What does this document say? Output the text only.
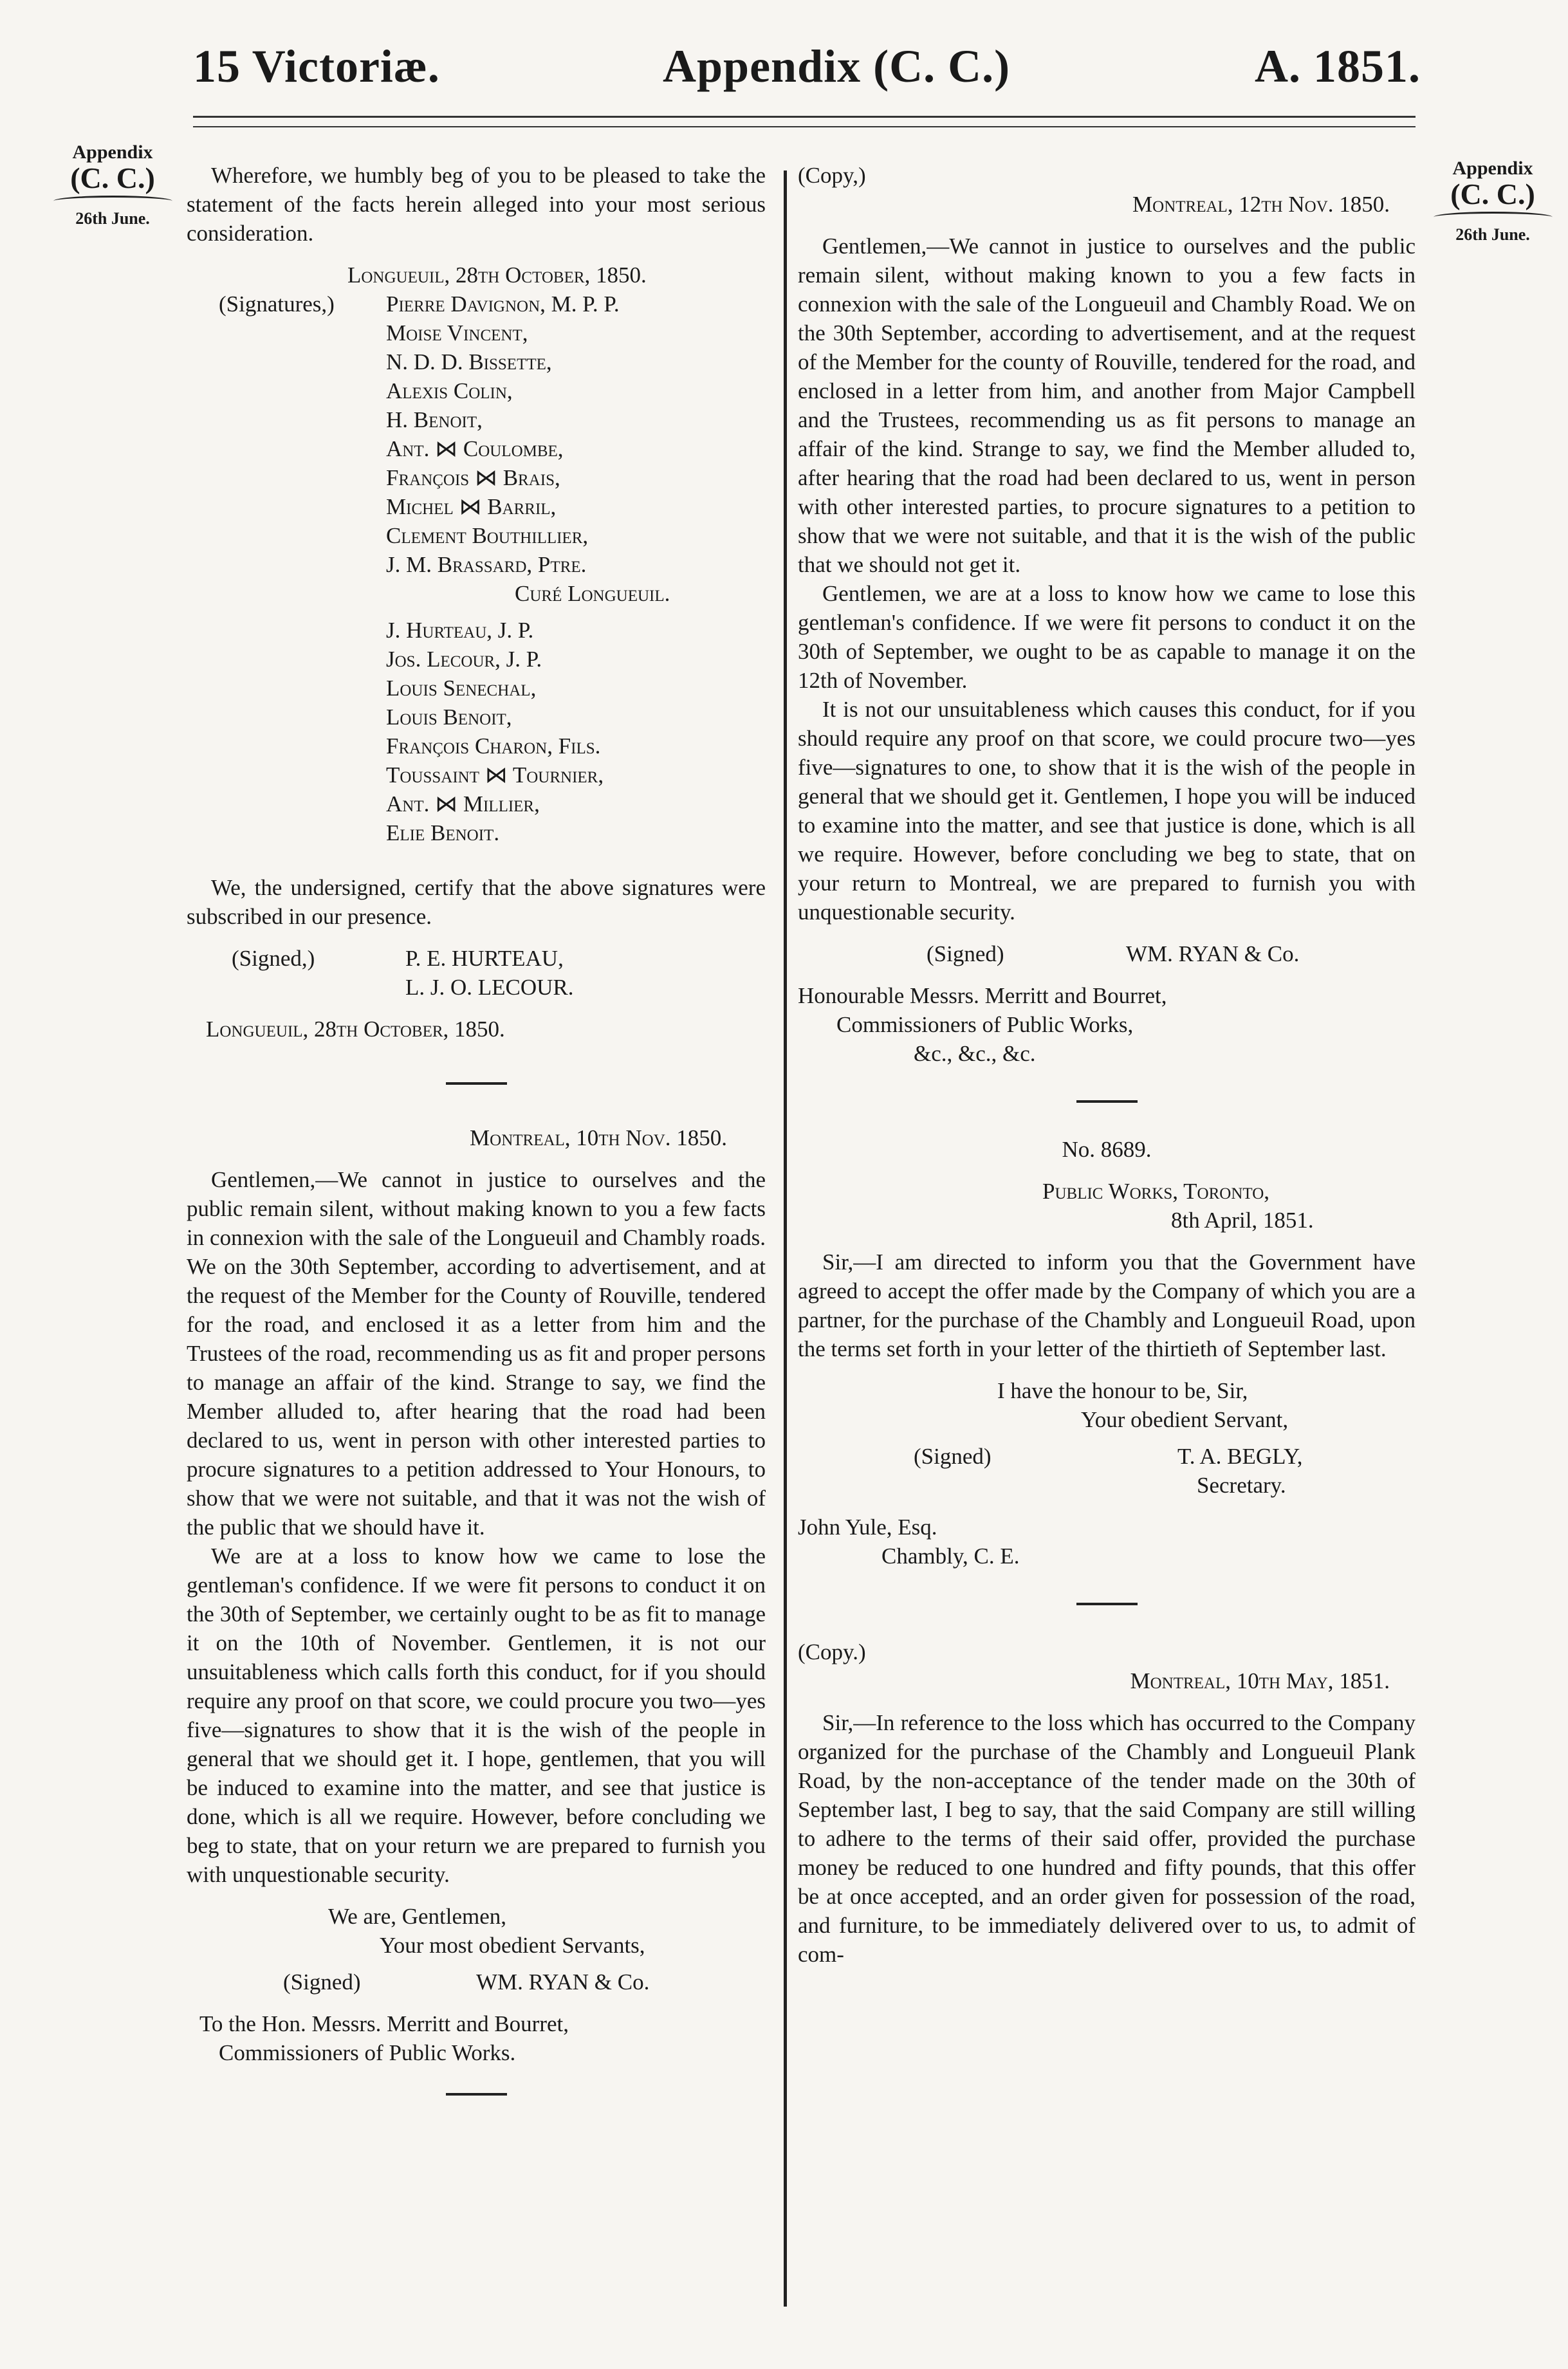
15 Victoriæ.	Appendix (C. C.)	A. 1851.
Appendix
(C. C.)
26th June.
Appendix
(C. C.)
26th June.

Wherefore, we humbly beg of you to be pleased to take the statement of the facts herein alleged into your most serious consideration.

Longueuil, 28th October, 1850.

(Signatures,)	Pierre Davignon, M. P. P.
Moise Vincent,
N. D. D. Bissette,
Alexis Colin,
H. Benoit,
Ant. ⋈ Coulombe,
François ⋈ Brais,
Michel ⋈ Barril,
Clement Bouthillier,
J. M. Brassard, Ptre.
Curé Longueuil.
J. Hurteau, J. P.
Jos. Lecour, J. P.
Louis Senechal,
Louis Benoit,
François Charon, Fils.
Toussaint ⋈ Tournier,
Ant. ⋈ Millier,
Elie Benoit.

We, the undersigned, certify that the above signatures were subscribed in our presence.

(Signed,)	P. E. HURTEAU,
L. J. O. LECOUR.

Longueuil, 28th October, 1850.

Montreal, 10th Nov. 1850.

Gentlemen,—We cannot in justice to ourselves and the public remain silent, without making known to you a few facts in connexion with the sale of the Longueuil and Chambly roads. We on the 30th September, according to advertisement, and at the request of the Member for the County of Rouville, tendered for the road, and enclosed it as a letter from him and the Trustees of the road, recommending us as fit and proper persons to manage an affair of the kind. Strange to say, we find the Member alluded to, after hearing that the road had been declared to us, went in person with other interested parties to procure signatures to a petition addressed to Your Honours, to show that we were not suitable, and that it was not the wish of the public that we should have it.

We are at a loss to know how we came to lose the gentleman's confidence. If we were fit persons to conduct it on the 30th of September, we certainly ought to be as fit to manage it on the 10th of November. Gentlemen, it is not our unsuitableness which calls forth this conduct, for if you should require any proof on that score, we could procure you two—yes five—signatures to show that it is the wish of the people in general that we should get it. I hope, gentlemen, that you will be induced to examine into the matter, and see that justice is done, which is all we require. However, before concluding we beg to state, that on your return we are prepared to furnish you with unquestionable security.

We are, Gentlemen,

Your most obedient Servants,

(Signed)	WM. RYAN & Co.

To the Hon. Messrs. Merritt and Bourret,

Commissioners of Public Works.

(Copy,)

Montreal, 12th Nov. 1850.

Gentlemen,—We cannot in justice to ourselves and the public remain silent, without making known to you a few facts in connexion with the sale of the Longueuil and Chambly Road. We on the 30th September, according to advertisement, and at the request of the Member for the county of Rouville, tendered for the road, and enclosed in a letter from him, and another from Major Campbell and the Trustees, recommending us as fit persons to manage an affair of the kind. Strange to say, we find the Member alluded to, after hearing that the road had been declared to us, went in person with other interested parties, to procure signatures to a petition to show that we were not suitable, and that it is the wish of the public that we should not get it.

Gentlemen, we are at a loss to know how we came to lose this gentleman's confidence. If we were fit persons to conduct it on the 30th of September, we ought to be as capable to manage it on the 12th of November.

It is not our unsuitableness which causes this conduct, for if you should require any proof on that score, we could procure two—yes five—signatures to one, to show that it is the wish of the people in general that we should get it. Gentlemen, I hope you will be induced to examine into the matter, and see that justice is done, which is all we require. However, before concluding we beg to state, that on your return to Montreal, we are prepared to furnish you with unquestionable security.

(Signed)	WM. RYAN & Co.

Honourable Messrs. Merritt and Bourret,

Commissioners of Public Works,

&c., &c., &c.

No. 8689.

Public Works, Toronto,

8th April, 1851.

Sir,—I am directed to inform you that the Government have agreed to accept the offer made by the Company of which you are a partner, for the purchase of the Chambly and Longueuil Road, upon the terms set forth in your letter of the thirtieth of September last.

I have the honour to be, Sir,

Your obedient Servant,

(Signed)	T. A. BEGLY,

Secretary.

John Yule, Esq.

Chambly, C. E.

(Copy.)

Montreal, 10th May, 1851.

Sir,—In reference to the loss which has occurred to the Company organized for the purchase of the Chambly and Longueuil Plank Road, by the non-acceptance of the tender made on the 30th of September last, I beg to say, that the said Company are still willing to adhere to the terms of their said offer, provided the purchase money be reduced to one hundred and fifty pounds, that this offer be at once accepted, and an order given for possession of the road, and furniture, to be immediately delivered over to us, to admit of com-
